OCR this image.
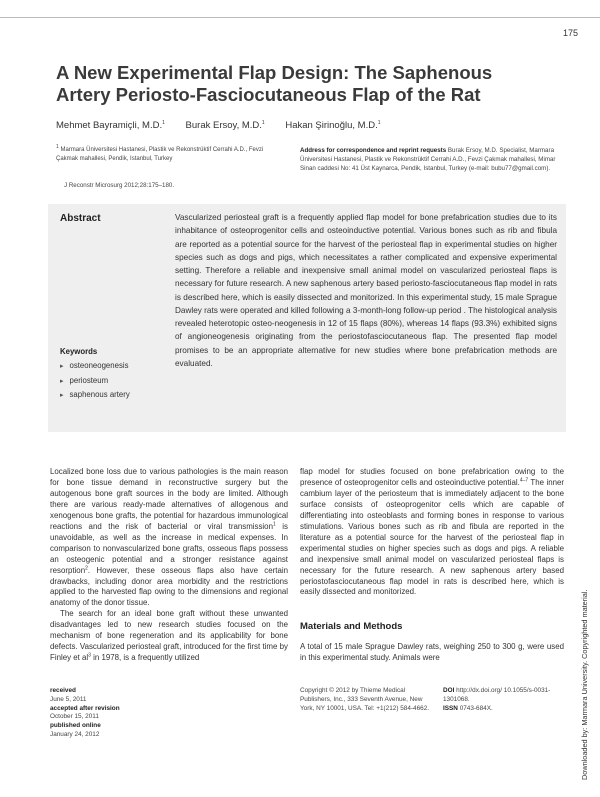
175
A New Experimental Flap Design: The Saphenous Artery Periosto-Fasciocutaneous Flap of the Rat
Mehmet Bayramiçli, M.D.$^1$ Burak Ersoy, M.D.$^1$ Hakan Şirinoğlu, M.D.$^1$
$^1$ Marmara Üniversitesi Hastanesi, Plastik ve Rekonstrüktif Cerrahi A.D., Fevzi Çakmak mahallesi, Pendik, Istanbul, Turkey
J Reconstr Microsurg 2012;28:175–180.
Address for correspondence and reprint requests Burak Ersoy, M.D. Specialist, Marmara Üniversitesi Hastanesi, Plastik ve Rekonstrüktif Cerrahi A.D., Fevzi Çakmak mahallesi, Mimar Sinan caddesi No: 41 Üst Kaynarca, Pendik, Istanbul, Turkey (e-mail: bubu77@gmail.com).
Abstract	Vascularized periosteal graft is a frequently applied flap model for bone prefabrication studies due to its inhabitance of osteoprogenitor cells and osteoinductive potential. Various bones such as rib and fibula are reported as a potential source for the harvest of the periosteal flap in experimental studies on higher species such as dogs and pigs, which necessitates a rather complicated and expensive experimental setting. Therefore a reliable and inexpensive small animal model on vascularized periosteal flaps is necessary for future research. A new saphenous artery based periosto-fasciocutaneous flap model in rats is described here, which is easily dissected and monitorized. In this experimental study, 15 male Sprague Dawley rats were operated and killed following a 3-month-long follow-up period . The histological analysis revealed heterotopic osteo-neogenesis in 12 of 15 flaps (80%), whereas 14 flaps (93.3%) exhibited signs of angioneogenesis originating from the periostofasciocutaneous flap. The presented flap model promises to be an appropriate alternative for new studies where bone prefabrication methods are evaluated.
Keywords
▸ osteoneogenesis
▸ periosteum
▸ saphenous artery

Localized bone loss due to various pathologies is the main reason for bone tissue demand in reconstructive surgery but the autogenous bone graft sources in the body are limited. Although there are various ready-made alternatives of allogenous and xenogenous bone grafts, the potential for hazardous immunological reactions and the risk of bacterial or viral transmission$^1$ is unavoidable, as well as the increase in medical expenses. In comparison to nonvascularized bone grafts, osseous flaps possess an osteogenic potential and a stronger resistance against resorption$^2$. However, these osseous flaps also have certain drawbacks, including donor area morbidity and the restrictions applied to the harvested flap owing to the dimensions and regional anatomy of the donor tissue.

The search for an ideal bone graft without these unwanted disadvantages led to new research studies focused on the mechanism of bone regeneration and its applicability for bone defects. Vascularized periosteal graft, introduced for the first time by Finley et $al^3$ in 1978, is a frequently utilized

flap model for studies focused on bone prefabrication owing to the presence of osteoprogenitor cells and osteoinductive potential.$^{4-7}$ The inner cambium layer of the periosteum that is immediately adjacent to the bone surface consists of osteoprogenitor cells which are capable of differentiating into osteoblasts and forming bones in response to various stimulations. Various bones such as rib and fibula are reported in the literature as a potential source for the harvest of the periosteal flap in experimental studies on higher species such as dogs and pigs. A reliable and inexpensive small animal model on vascularized periosteal flaps is necessary for the future research. A new saphenous artery based periostofasciocutaneous flap model in rats is described here, which is easily dissected and monitorized.

Materials and Methods

A total of 15 male Sprague Dawley rats, weighing 250 to 300 g, were used in this experimental study. Animals were

received
June 5, 2011
accepted after revision
October 15, 2011
published online
January 24, 2012
Copyright © 2012 by Thieme Medical Publishers, Inc., 333 Seventh Avenue, New York, NY 10001, USA. Tel: +1(212) 584-4662.
DOI http://dx.doi.org/ 10.1055/s-0031-1301068.
ISSN 0743-684X.	Downloaded by: Marmara University. Copyrighted material.
